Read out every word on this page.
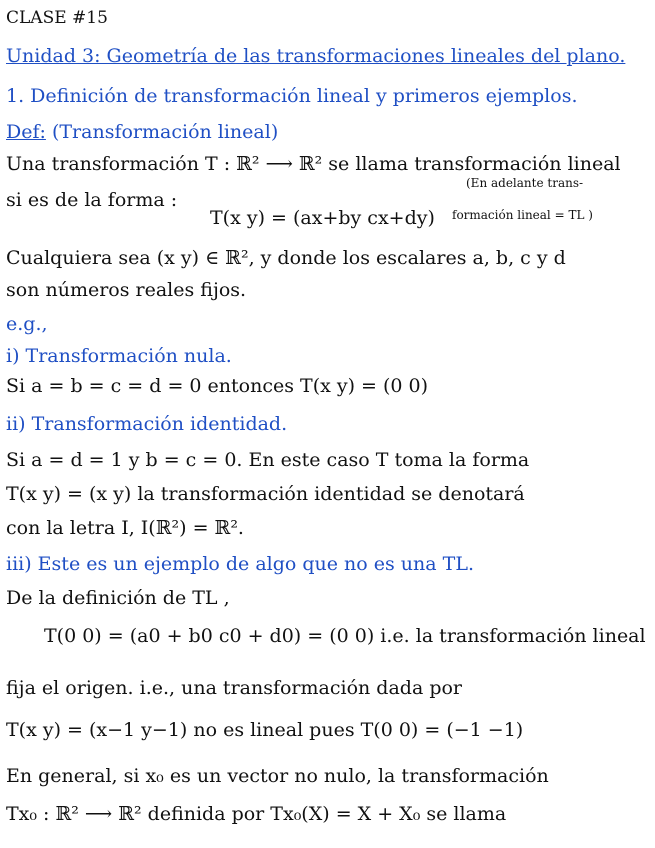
CLASE #15
Unidad 3: Geometría de las transformaciones lineales del plano.
1. Definición de transformación lineal y primeros ejemplos.
Def: (Transformación lineal)
Una transformación T : ℝ² ⟶ ℝ² se llama transformación lineal
si es de la forma :
T(x y) = (ax+by cx+dy)
(En adelante trans-
formación lineal = TL )
Cualquiera sea (x y) ∈ ℝ², y donde los escalares a, b, c y d
son números reales fijos.
e.g.,
i) Transformación nula.
Si a = b = c = d = 0 entonces T(x y) = (0 0)
ii) Transformación identidad.
Si a = d = 1 y b = c = 0. En este caso T toma la forma
T(x y) = (x y) la transformación identidad se denotará
con la letra I, I(ℝ²) = ℝ².
iii) Este es un ejemplo de algo que no es una TL.
De la definición de TL ,
T(0 0) = (a0 + b0 c0 + d0) = (0 0) i.e. la transformación lineal
fija el origen. i.e., una transformación dada por
T(x y) = (x−1 y−1) no es lineal pues T(0 0) = (−1 −1)
En general, si x₀ es un vector no nulo, la transformación
Tx₀ : ℝ² ⟶ ℝ² definida por Tx₀(X) = X + X₀ se llama
